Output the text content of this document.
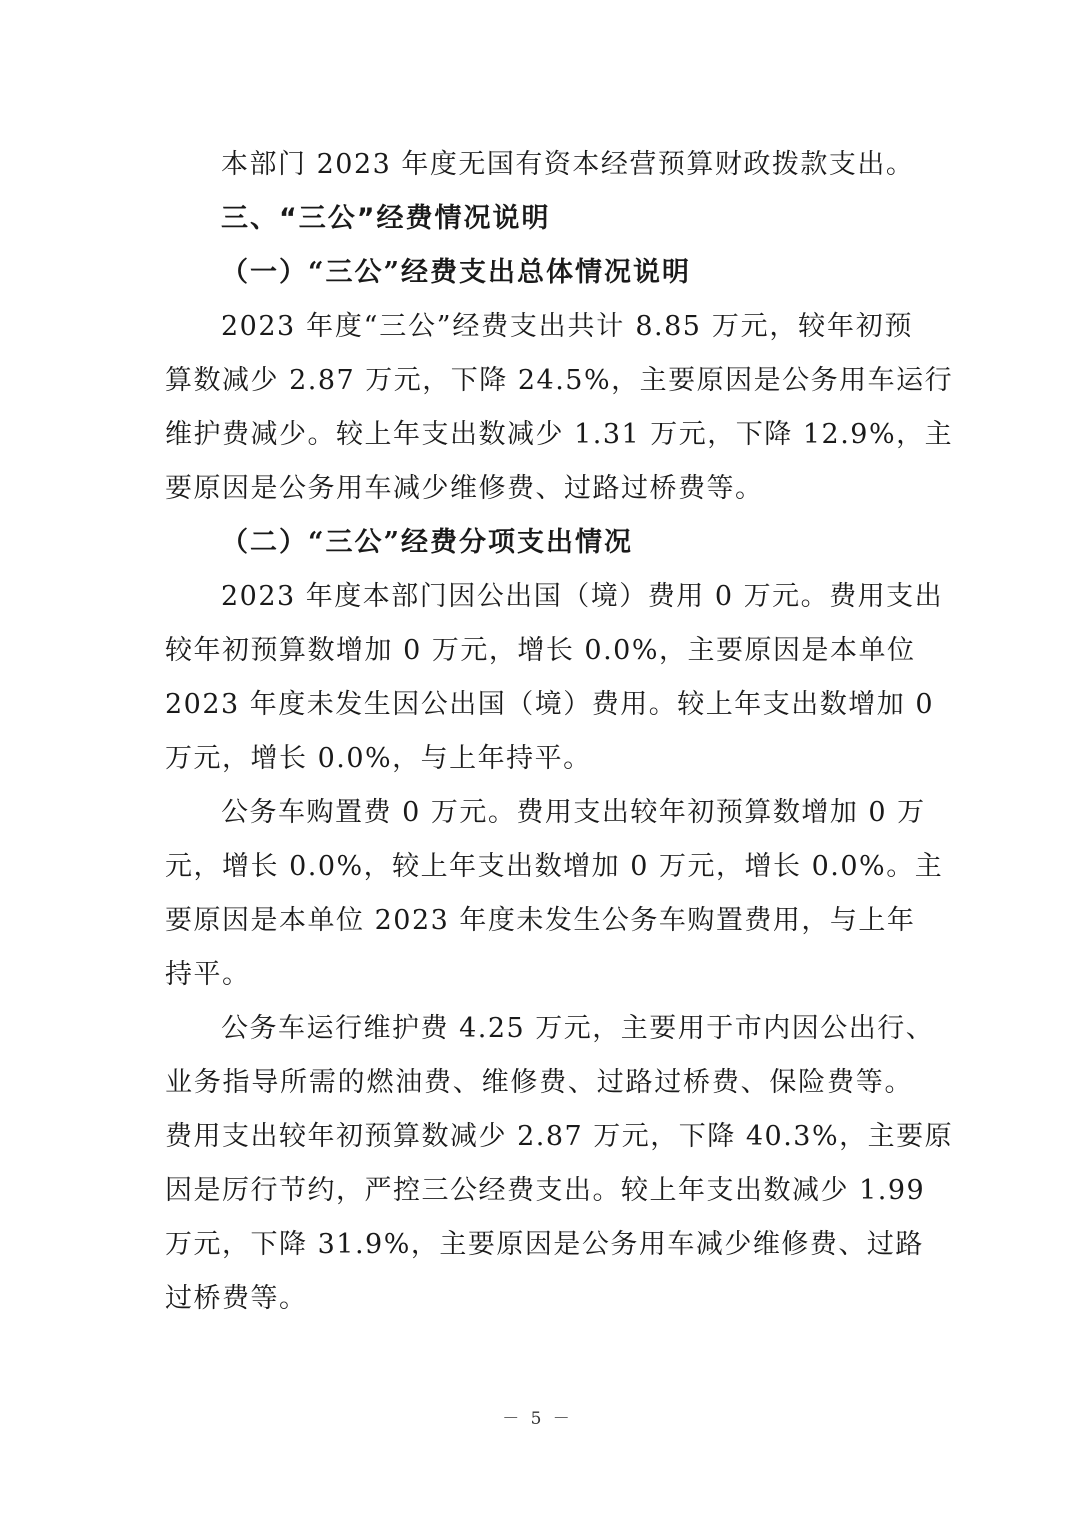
本部门 2023 年度无国有资本经营预算财政拨款支出。
三、“三公”经费情况说明
（一）“三公”经费支出总体情况说明
2023 年度“三公”经费支出共计 8.85 万元，较年初预
算数减少 2.87 万元，下降 24.5%，主要原因是公务用车运行
维护费减少。较上年支出数减少 1.31 万元，下降 12.9%，主
要原因是公务用车减少维修费、过路过桥费等。
（二）“三公”经费分项支出情况
2023 年度本部门因公出国（境）费用 0 万元。费用支出
较年初预算数增加 0 万元，增长 0.0%，主要原因是本单位
2023 年度未发生因公出国（境）费用。较上年支出数增加 0
万元，增长 0.0%，与上年持平。
公务车购置费 0 万元。费用支出较年初预算数增加 0 万
元，增长 0.0%，较上年支出数增加 0 万元，增长 0.0%。主
要原因是本单位 2023 年度未发生公务车购置费用，与上年
持平。
公务车运行维护费 4.25 万元，主要用于市内因公出行、
业务指导所需的燃油费、维修费、过路过桥费、保险费等。
费用支出较年初预算数减少 2.87 万元，下降 40.3%，主要原
因是厉行节约，严控三公经费支出。较上年支出数减少 1.99
万元，下降 31.9%，主要原因是公务用车减少维修费、过路
过桥费等。
－ 5 －
